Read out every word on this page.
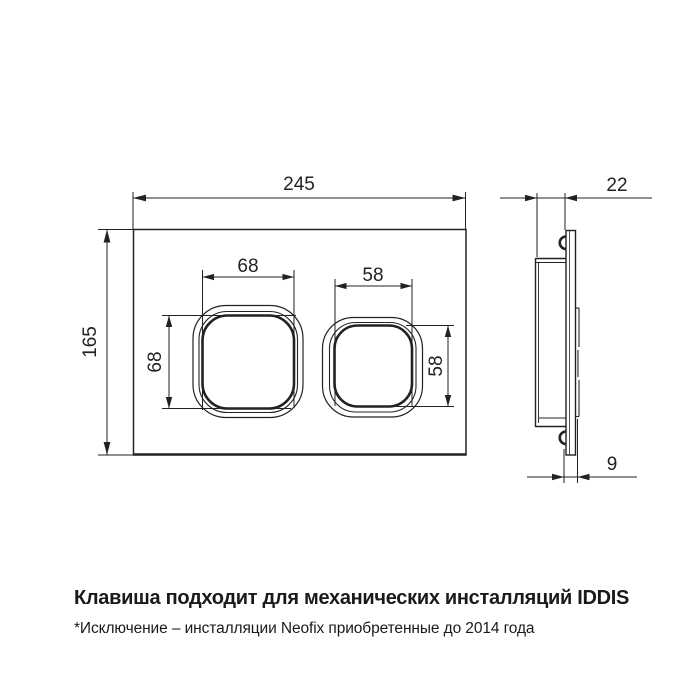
245
165
68
68
58
58
22
9
Клавиша подходит для механических инсталляций IDDIS
*Исключение – инсталляции Neofix приобретенные до 2014 года
